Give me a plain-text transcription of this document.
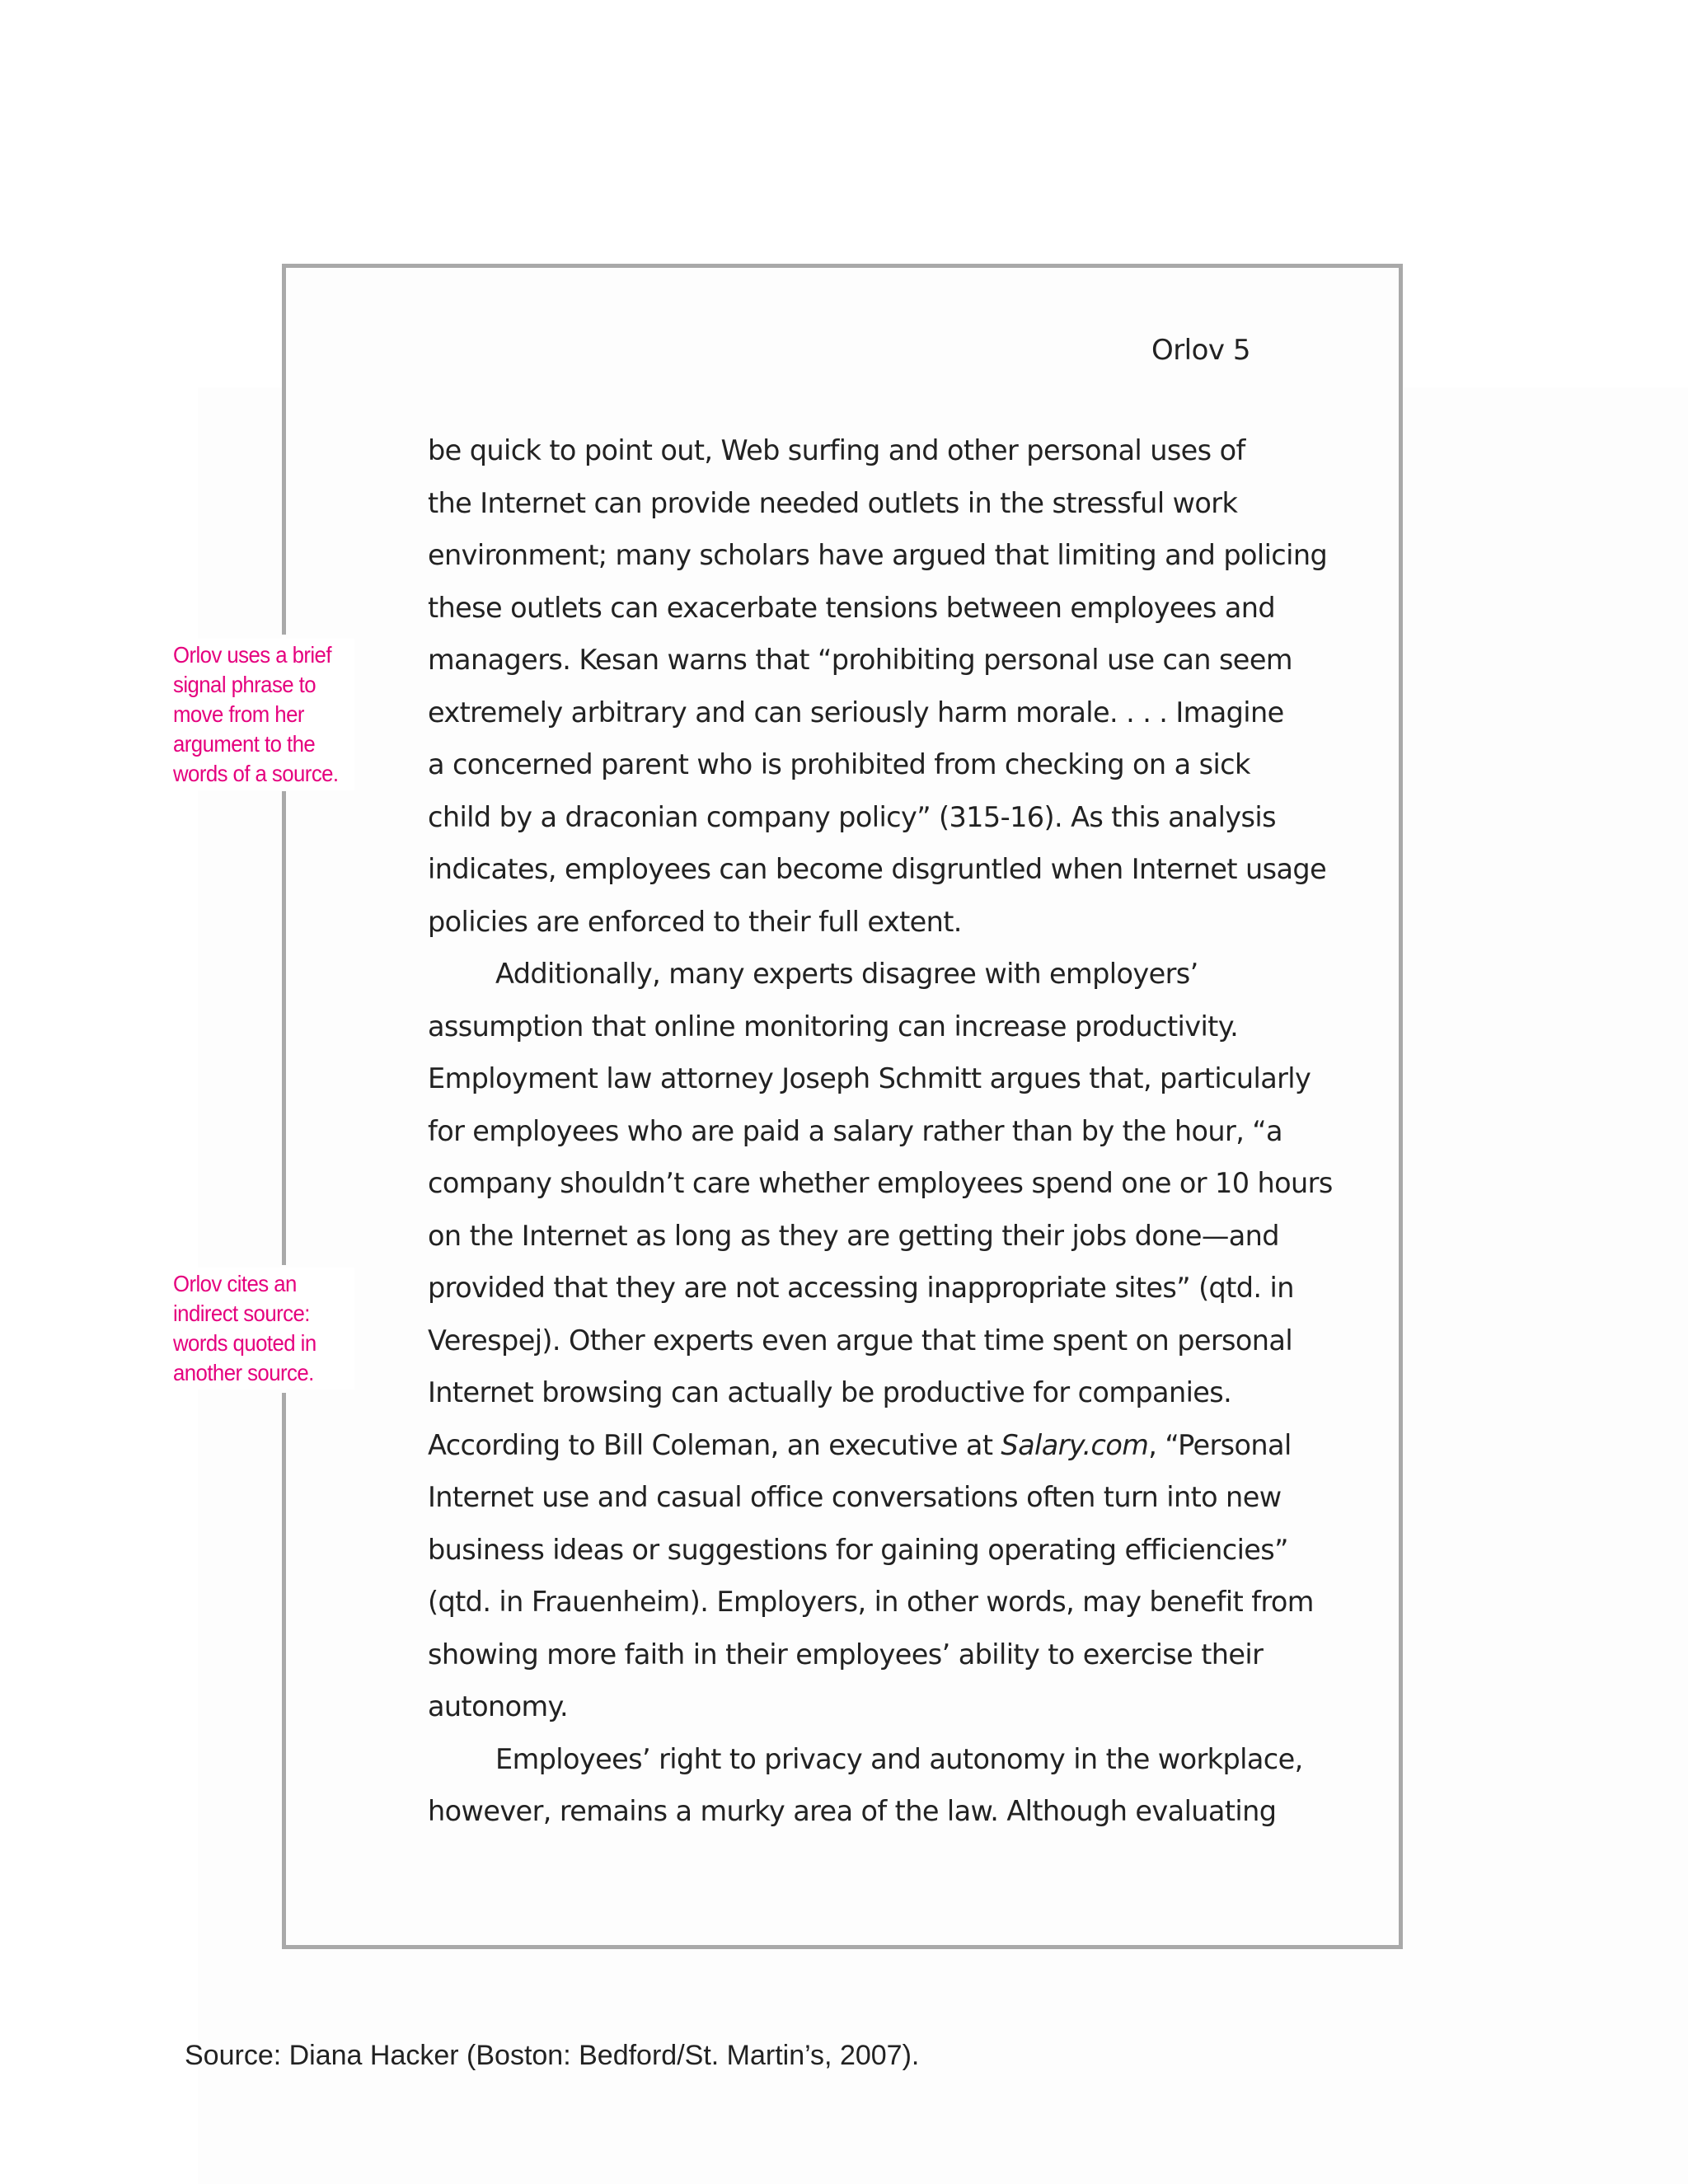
Orlov 5
be quick to point out, Web surfing and other personal uses of
the Internet can provide needed outlets in the stressful work
environment; many scholars have argued that limiting and policing
these outlets can exacerbate tensions between employees and
managers. Kesan warns that “prohibiting personal use can seem
extremely arbitrary and can seriously harm morale. . . . Imagine
a concerned parent who is prohibited from checking on a sick
child by a draconian company policy” (315-16). As this analysis
indicates, employees can become disgruntled when Internet usage
policies are enforced to their full extent.
Additionally, many experts disagree with employers’
assumption that online monitoring can increase productivity.
Employment law attorney Joseph Schmitt argues that, particularly
for employees who are paid a salary rather than by the hour, “a
company shouldn’t care whether employees spend one or 10 hours
on the Internet as long as they are getting their jobs done—and
provided that they are not accessing inappropriate sites” (qtd. in
Verespej). Other experts even argue that time spent on personal
Internet browsing can actually be productive for companies.
According to Bill Coleman, an executive at Salary.com, “Personal
Internet use and casual office conversations often turn into new
business ideas or suggestions for gaining operating efficiencies”
(qtd. in Frauenheim). Employers, in other words, may benefit from
showing more faith in their employees’ ability to exercise their
autonomy.
Employees’ right to privacy and autonomy in the workplace,
however, remains a murky area of the law. Although evaluating
Orlov uses a brief
signal phrase to
move from her
argument to the
words of a source.
Orlov cites an
indirect source:
words quoted in
another source.
Source: Diana Hacker (Boston: Bedford/St. Martin’s, 2007).
